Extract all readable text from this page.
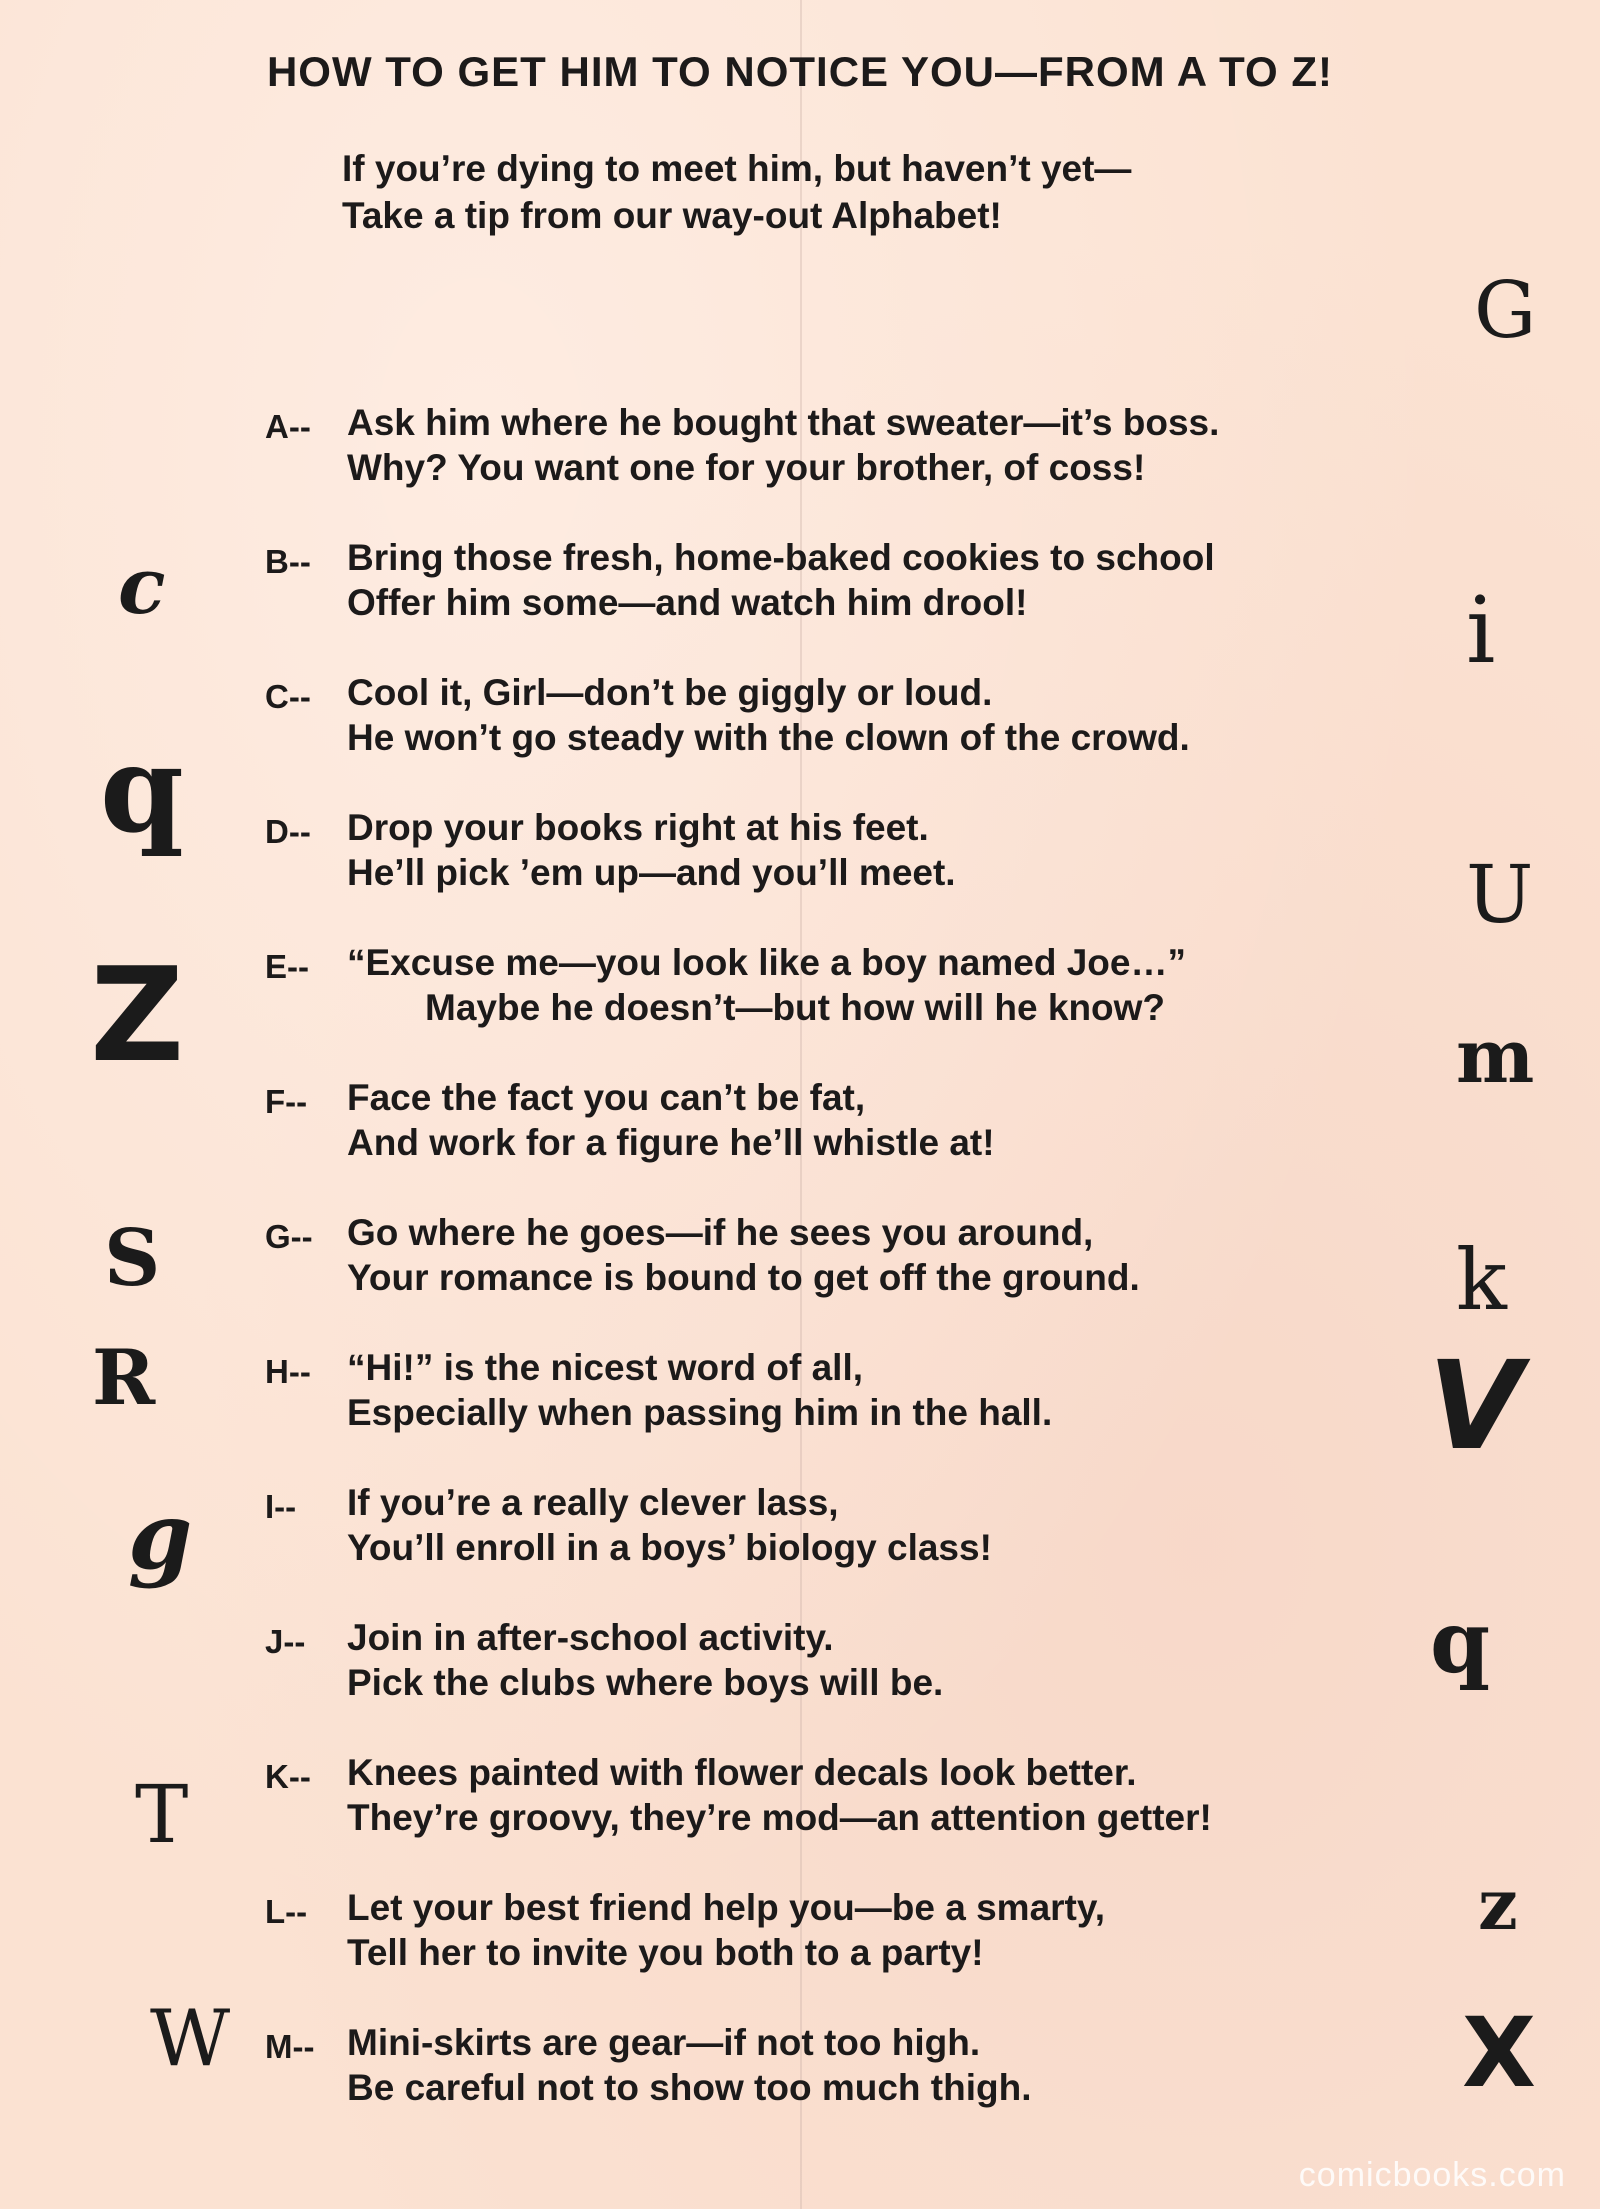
HOW TO GET HIM TO NOTICE YOU—FROM A TO Z!
If you’re dying to meet him, but haven’t yet—
Take a tip from our way-out Alphabet!
A-- Ask him where he bought that sweater—it’s boss.
Why? You want one for your brother, of coss!
B-- Bring those fresh, home-baked cookies to school
Offer him some—and watch him drool!
C-- Cool it, Girl—don’t be giggly or loud.
He won’t go steady with the clown of the crowd.
D-- Drop your books right at his feet.
He’ll pick ’em up—and you’ll meet.
E--	“Excuse me—you look like a boy named Joe…”
Maybe he doesn’t—but how will he know?
F--	Face the fact you can’t be fat,
And work for a figure he’ll whistle at!
G-- Go where he goes—if he sees you around,
Your romance is bound to get off the ground.
H-- “Hi!” is the nicest word of all,
Especially when passing him in the hall.
I--	If you’re a really clever lass,
You’ll enroll in a boys’ biology class!
J--	Join in after-school activity.
Pick the clubs where boys will be.
K-- Knees painted with flower decals look better.
They’re groovy, they’re mod—an attention getter!
L--	Let your best friend help you—be a smarty,
Tell her to invite you both to a party!
M-- Mini-skirts are gear—if not too high.
Be careful not to show too much thigh.
c
q
Z
S
R
g
T
W
G
i
U
m
k
V
q
z
X
comicbooks.com
